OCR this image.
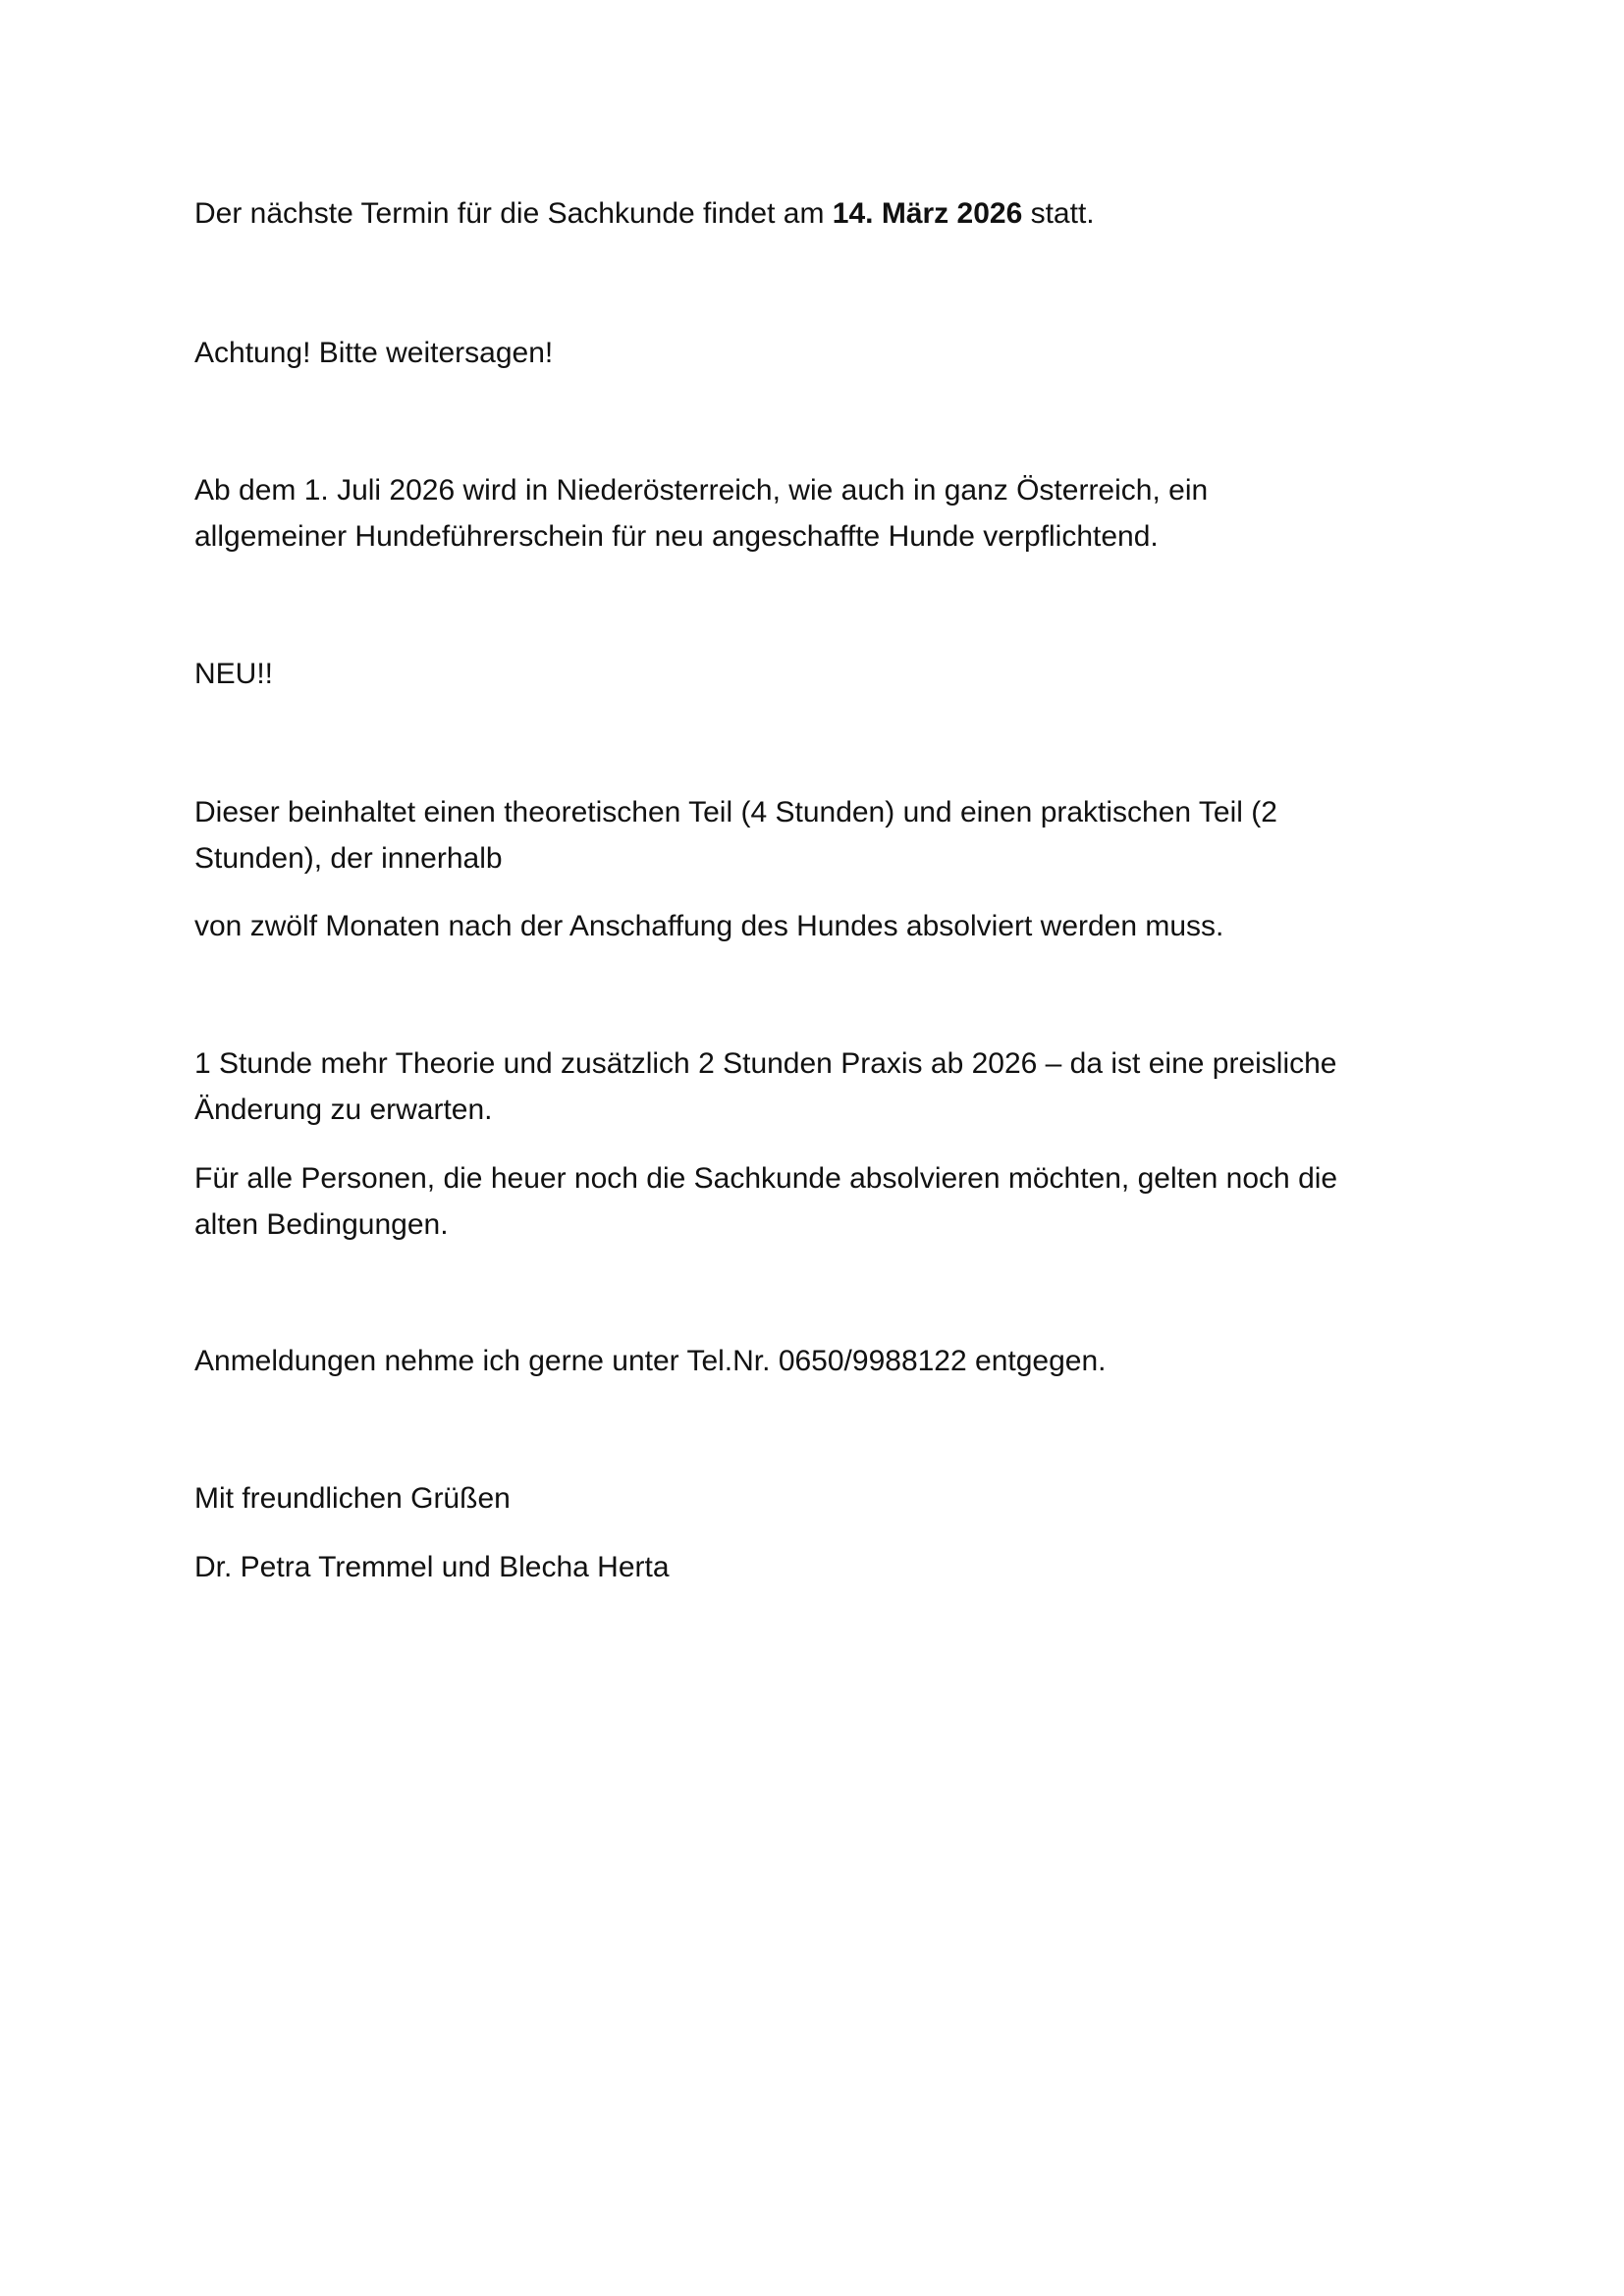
Der nächste Termin für die Sachkunde findet am 14. März 2026 statt.

Achtung! Bitte weitersagen!

Ab dem 1. Juli 2026 wird in Niederösterreich, wie auch in ganz Österreich, ein

allgemeiner Hundeführerschein für neu angeschaffte Hunde verpflichtend.

NEU!!

Dieser beinhaltet einen theoretischen Teil (4 Stunden) und einen praktischen Teil (2

Stunden), der innerhalb

von zwölf Monaten nach der Anschaffung des Hundes absolviert werden muss.

1 Stunde mehr Theorie und zusätzlich 2 Stunden Praxis ab 2026 – da ist eine preisliche

Änderung zu erwarten.

Für alle Personen, die heuer noch die Sachkunde absolvieren möchten, gelten noch die

alten Bedingungen.

Anmeldungen nehme ich gerne unter Tel.Nr. 0650/9988122 entgegen.

Mit freundlichen Grüßen

Dr. Petra Tremmel und Blecha Herta
